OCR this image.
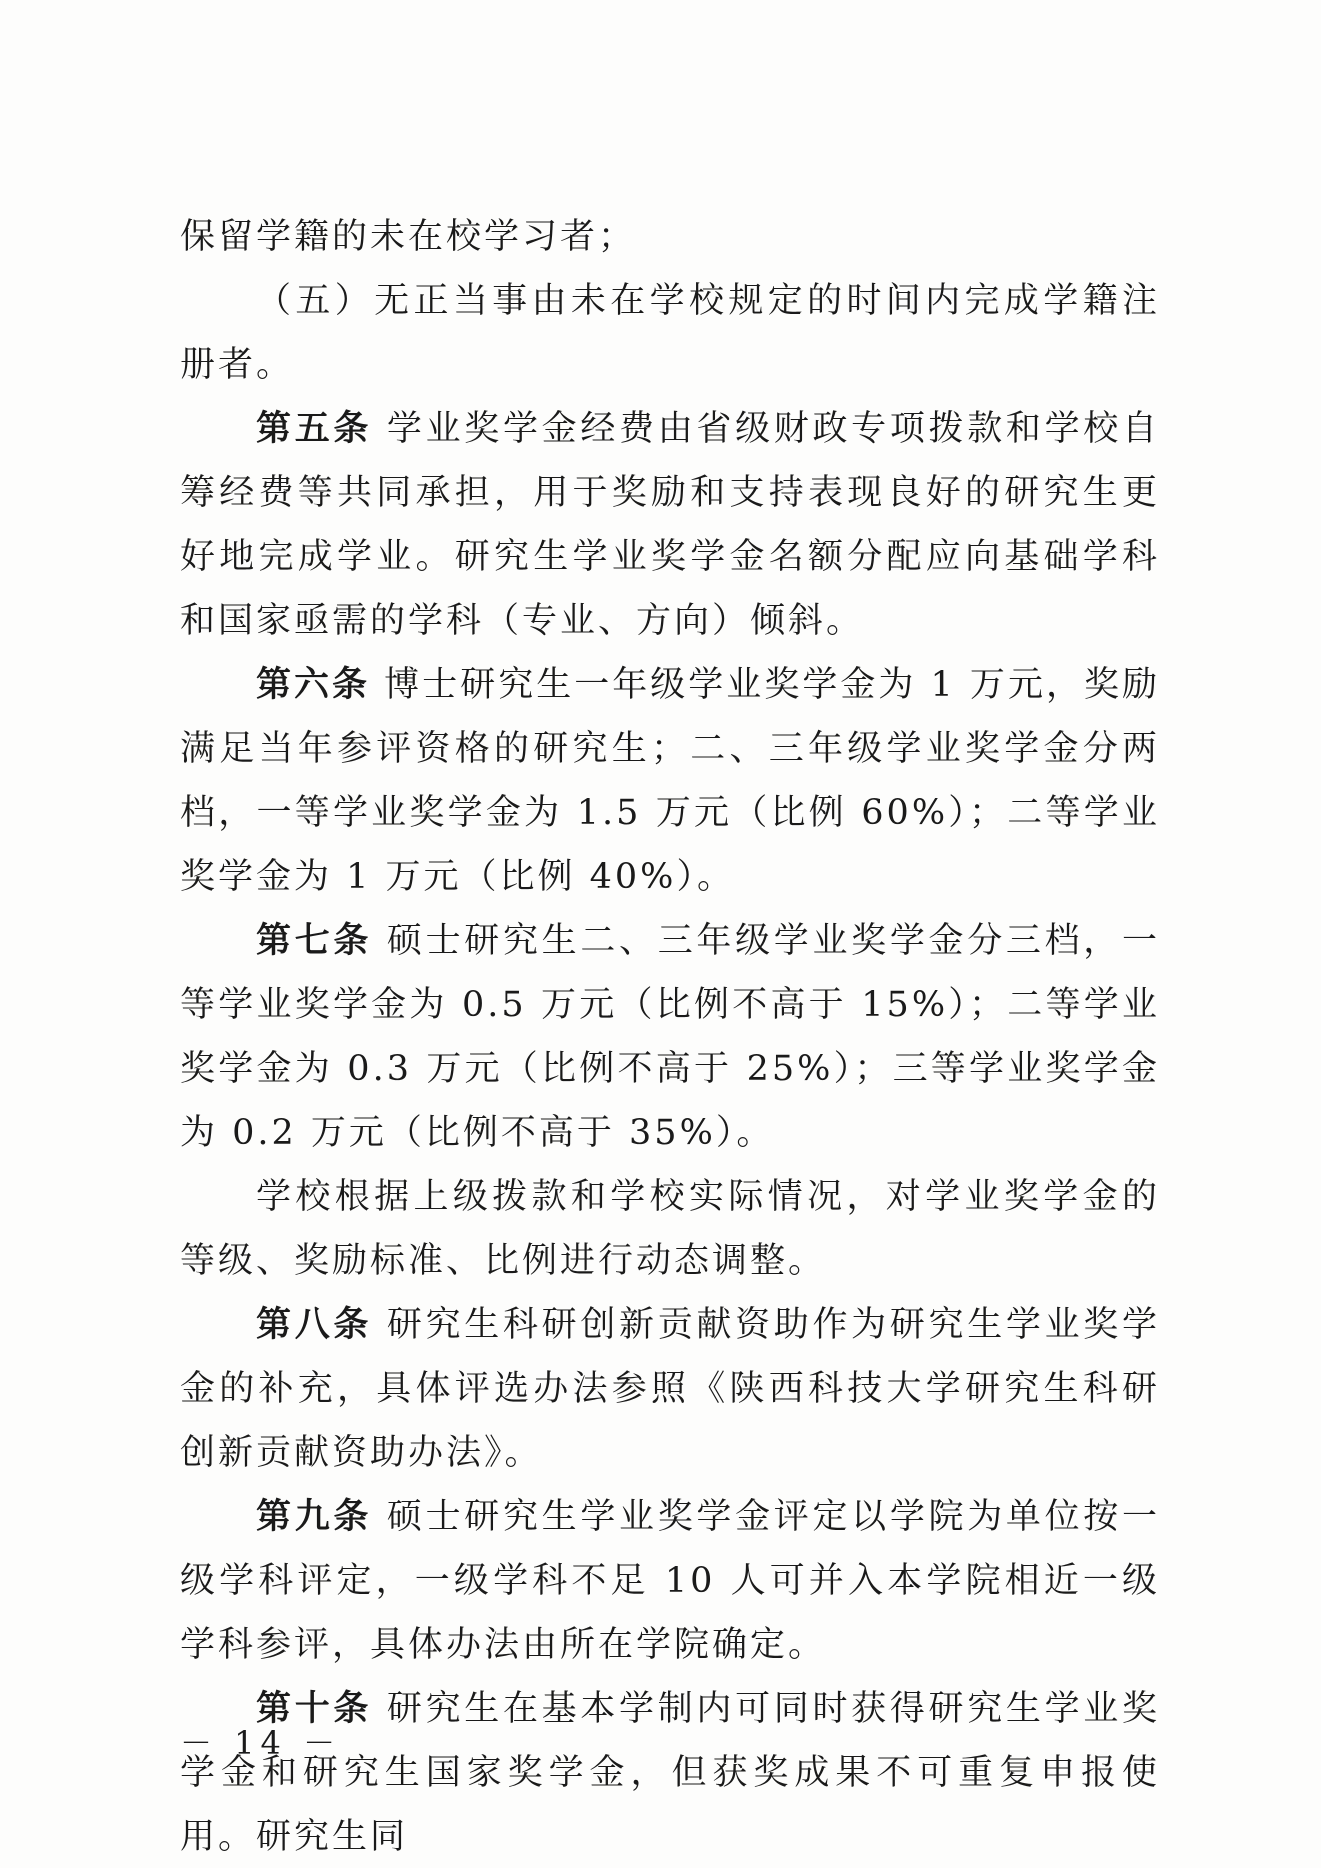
保留学籍的未在校学习者；

（五）无正当事由未在学校规定的时间内完成学籍注册者。

第五条 学业奖学金经费由省级财政专项拨款和学校自筹经费等共同承担，用于奖励和支持表现良好的研究生更好地完成学业。研究生学业奖学金名额分配应向基础学科和国家亟需的学科（专业、方向）倾斜。

第六条 博士研究生一年级学业奖学金为 1 万元，奖励满足当年参评资格的研究生；二、三年级学业奖学金分两档，一等学业奖学金为 1.5 万元（比例 60%）；二等学业奖学金为 1 万元（比例 40%）。

第七条 硕士研究生二、三年级学业奖学金分三档，一等学业奖学金为 0.5 万元（比例不高于 15%）；二等学业奖学金为 0.3 万元（比例不高于 25%）；三等学业奖学金为 0.2 万元（比例不高于 35%）。

学校根据上级拨款和学校实际情况，对学业奖学金的等级、奖励标准、比例进行动态调整。

第八条 研究生科研创新贡献资助作为研究生学业奖学金的补充，具体评选办法参照《陕西科技大学研究生科研创新贡献资助办法》。

第九条 硕士研究生学业奖学金评定以学院为单位按一级学科评定，一级学科不足 10 人可并入本学院相近一级学科参评，具体办法由所在学院确定。

第十条 研究生在基本学制内可同时获得研究生学业奖学金和研究生国家奖学金，但获奖成果不可重复申报使用。研究生同

－ 14 －
